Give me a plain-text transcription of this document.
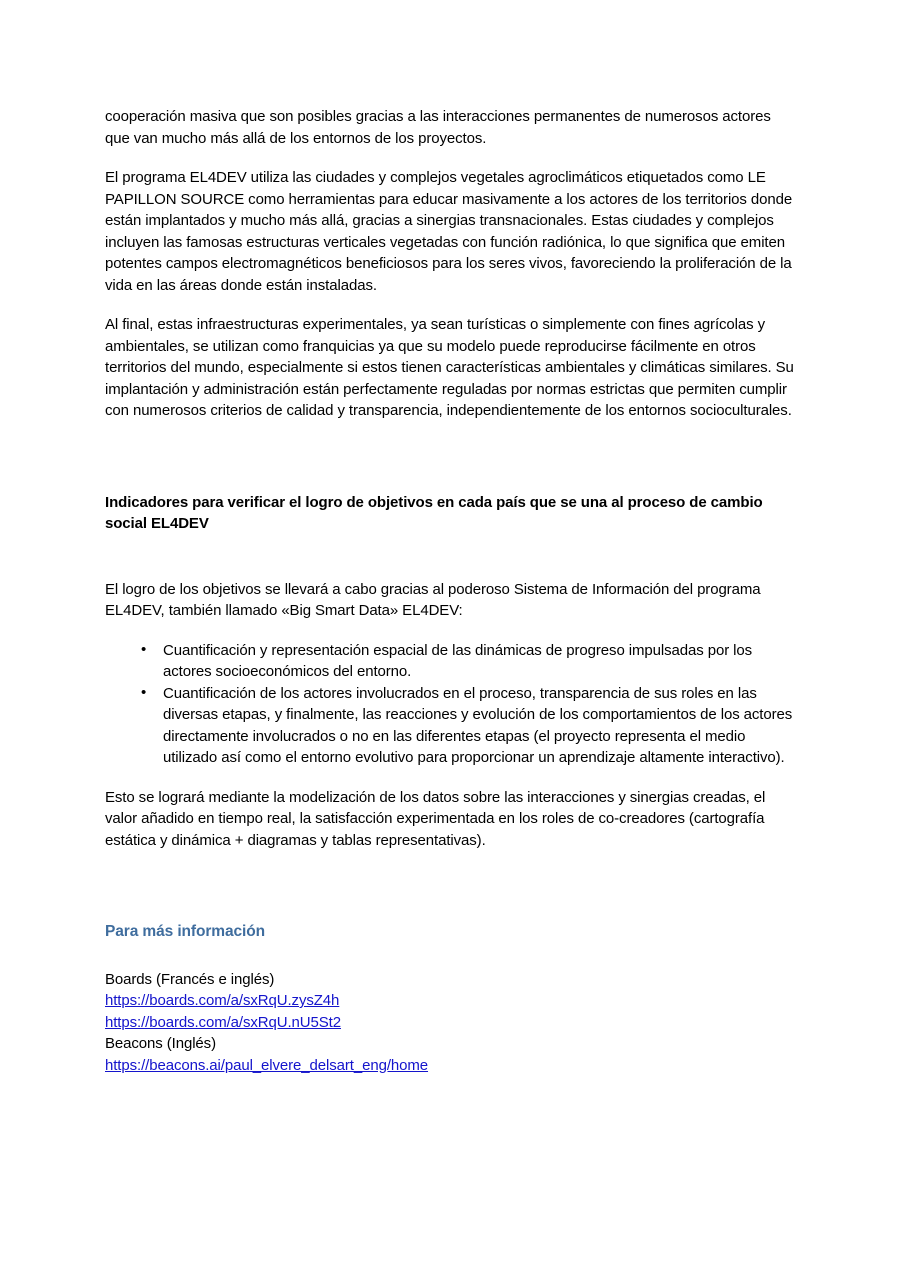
cooperación masiva que son posibles gracias a las interacciones permanentes de numerosos actores que van mucho más allá de los entornos de los proyectos.

El programa EL4DEV utiliza las ciudades y complejos vegetales agroclimáticos etiquetados como LE PAPILLON SOURCE como herramientas para educar masivamente a los actores de los territorios donde están implantados y mucho más allá, gracias a sinergias transnacionales. Estas ciudades y complejos incluyen las famosas estructuras verticales vegetadas con función radiónica, lo que significa que emiten potentes campos electromagnéticos beneficiosos para los seres vivos, favoreciendo la proliferación de la vida en las áreas donde están instaladas.

Al final, estas infraestructuras experimentales, ya sean turísticas o simplemente con fines agrícolas y ambientales, se utilizan como franquicias ya que su modelo puede reproducirse fácilmente en otros territorios del mundo, especialmente si estos tienen características ambientales y climáticas similares. Su implantación y administración están perfectamente reguladas por normas estrictas que permiten cumplir con numerosos criterios de calidad y transparencia, independientemente de los entornos socioculturales.

Indicadores para verificar el logro de objetivos en cada país que se una al proceso de cambio social EL4DEV

El logro de los objetivos se llevará a cabo gracias al poderoso Sistema de Información del programa EL4DEV, también llamado «Big Smart Data» EL4DEV:

• Cuantificación y representación espacial de las dinámicas de progreso impulsadas por los actores socioeconómicos del entorno.
• Cuantificación de los actores involucrados en el proceso, transparencia de sus roles en las diversas etapas, y finalmente, las reacciones y evolución de los comportamientos de los actores directamente involucrados o no en las diferentes etapas (el proyecto representa el medio utilizado así como el entorno evolutivo para proporcionar un aprendizaje altamente interactivo).

Esto se logrará mediante la modelización de los datos sobre las interacciones y sinergias creadas, el valor añadido en tiempo real, la satisfacción experimentada en los roles de co-creadores (cartografía estática y dinámica + diagramas y tablas representativas).

Para más información
Boards (Francés e inglés)
https://boards.com/a/sxRqU.zysZ4h
https://boards.com/a/sxRqU.nU5St2
Beacons (Inglés)
https://beacons.ai/paul_elvere_delsart_eng/home
